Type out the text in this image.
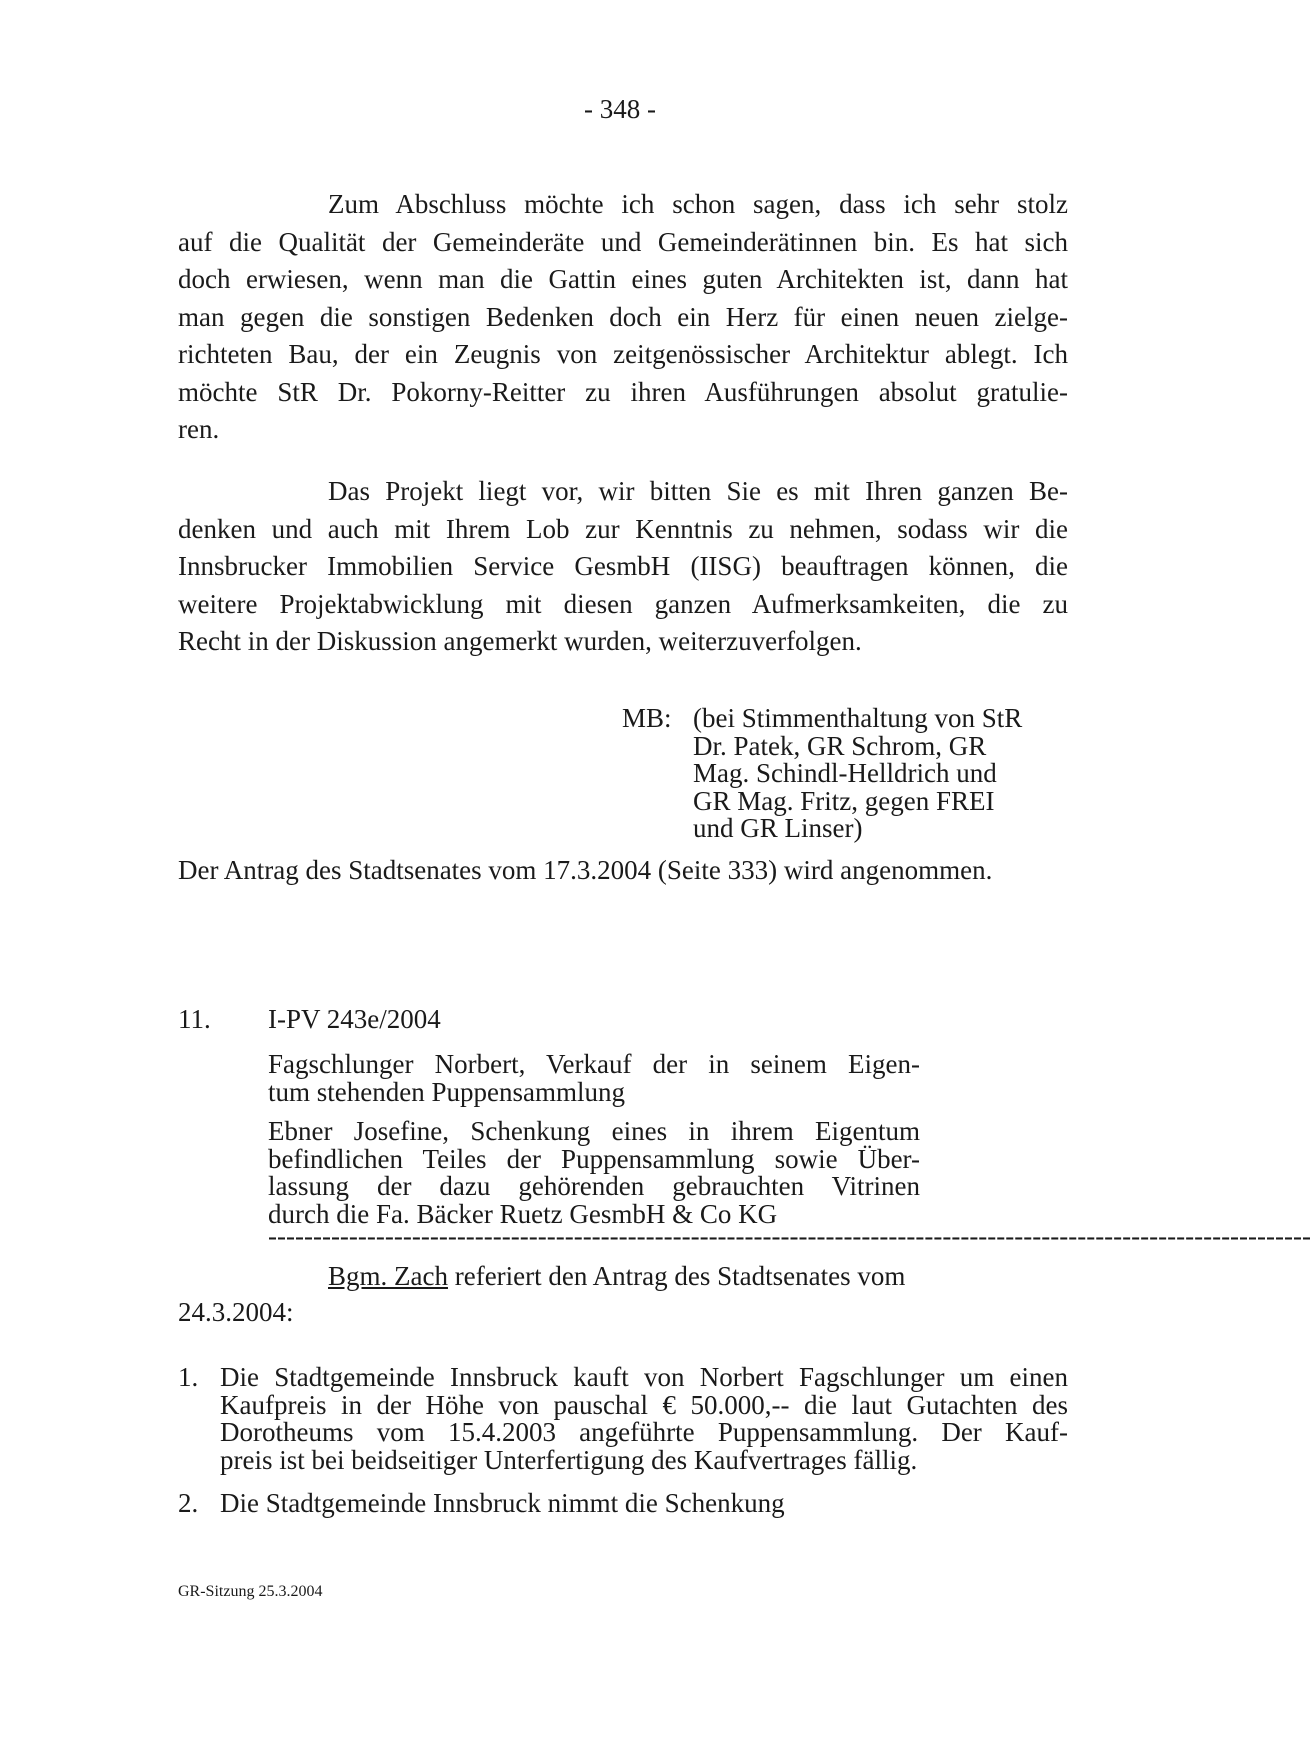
- 348 -
Zum Abschluss möchte ich schon sagen, dass ich sehr stolz
auf die Qualität der Gemeinderäte und Gemeinderätinnen bin. Es hat sich
doch erwiesen, wenn man die Gattin eines guten Architekten ist, dann hat
man gegen die sonstigen Bedenken doch ein Herz für einen neuen zielge-
richteten Bau, der ein Zeugnis von zeitgenössischer Architektur ablegt. Ich
möchte StR Dr. Pokorny-Reitter zu ihren Ausführungen absolut gratulie-
ren.
Das Projekt liegt vor, wir bitten Sie es mit Ihren ganzen Be-
denken und auch mit Ihrem Lob zur Kenntnis zu nehmen, sodass wir die
Innsbrucker Immobilien Service GesmbH (IISG) beauftragen können, die
weitere Projektabwicklung mit diesen ganzen Aufmerksamkeiten, die zu
Recht in der Diskussion angemerkt wurden, weiterzuverfolgen.
MB: (bei Stimmenthaltung von StR
Dr. Patek, GR Schrom, GR
Mag. Schindl-Helldrich und
GR Mag. Fritz, gegen FREI
und GR Linser)
Der Antrag des Stadtsenates vom 17.3.2004 (Seite 333) wird angenommen.
11. I-PV 243e/2004
Fagschlunger Norbert, Verkauf der in seinem Eigen-
tum stehenden Puppensammlung
Ebner Josefine, Schenkung eines in ihrem Eigentum
befindlichen Teiles der Puppensammlung sowie Über-
lassung der dazu gehörenden gebrauchten Vitrinen
durch die Fa. Bäcker Ruetz GesmbH & Co KG
--------------------------------------------------------------------------------------------------------------------
Bgm. Zach referiert den Antrag des Stadtsenates vom
24.3.2004:
1. Die Stadtgemeinde Innsbruck kauft von Norbert Fagschlunger um einen
Kaufpreis in der Höhe von pauschal € 50.000,-- die laut Gutachten des
Dorotheums vom 15.4.2003 angeführte Puppensammlung. Der Kauf-
preis ist bei beidseitiger Unterfertigung des Kaufvertrages fällig.
2. Die Stadtgemeinde Innsbruck nimmt die Schenkung
GR-Sitzung 25.3.2004
